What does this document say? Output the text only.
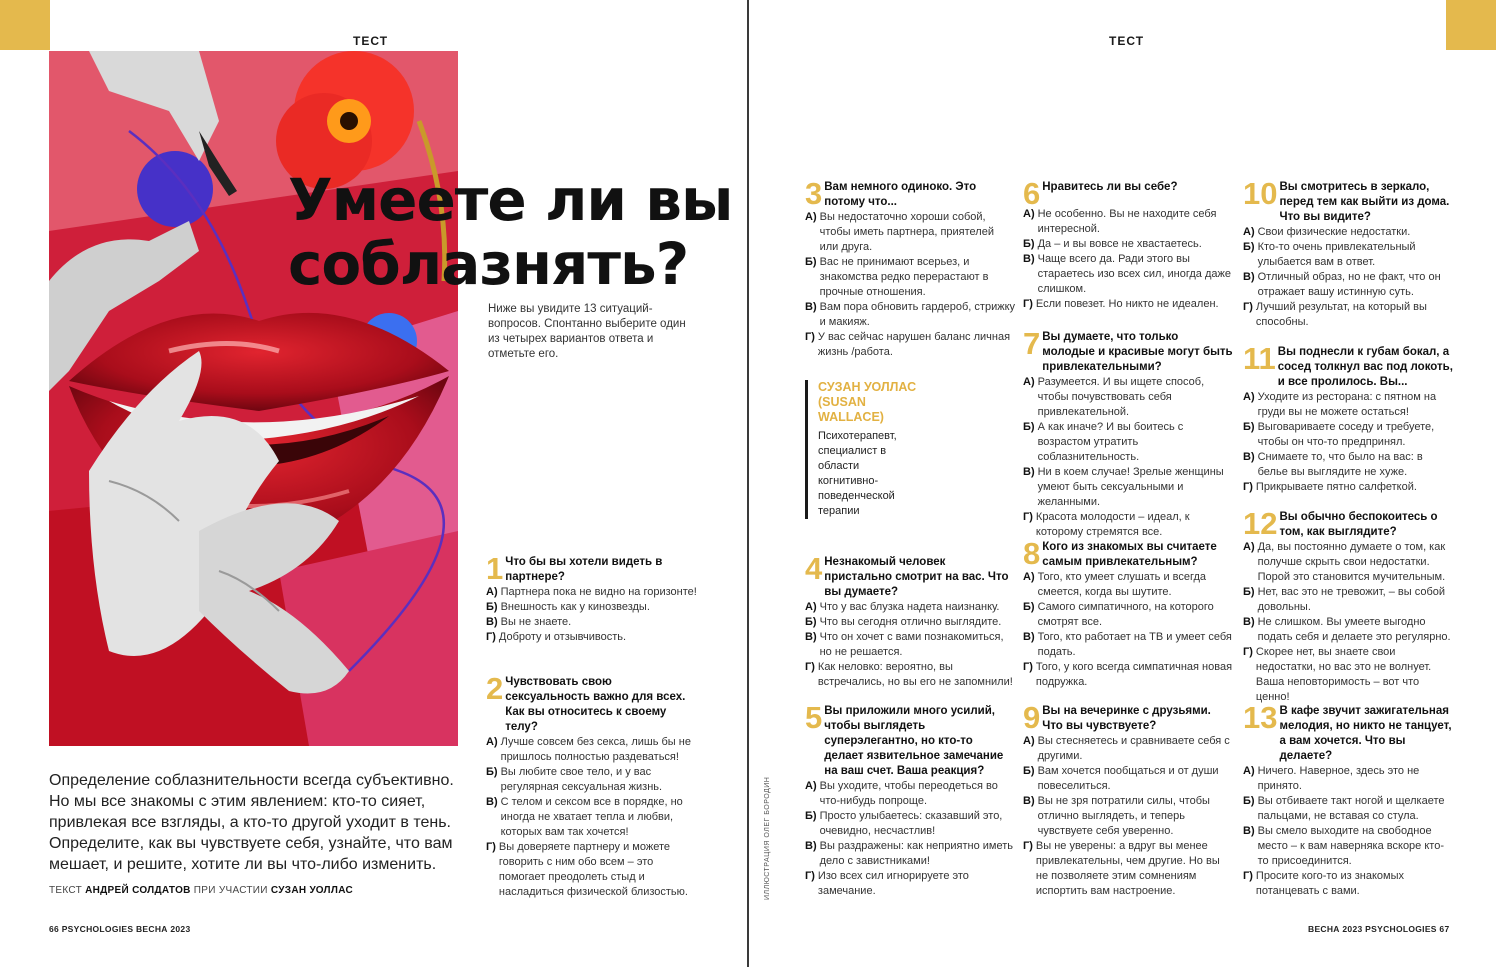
ТЕСТ	ТЕСТ
Умеете ли вы
соблазнять?
Ниже вы увидите 13 ситуаций-вопросов. Спонтанно выберите один из четырех вариантов ответа и отметьте его.
Определение соблазнительности всегда субъективно. Но мы все знакомы с этим явлением: кто-то сияет, привлекая все взгляды, а кто-то другой уходит в тень. Определите, как вы чувствуете себя, узнайте, что вам мешает, и решите, хотите ли вы что-либо изменить.
ТЕКСТ АНДРЕЙ СОЛДАТОВ ПРИ УЧАСТИИ СУЗАН УОЛЛАС
66 PSYCHOLOGIES ВЕСНА 2023	ВЕСНА 2023 PSYCHOLOGIES 67
ИЛЛЮСТРАЦИЯ ОЛЕГ БОРОДИН
СУЗАН УОЛЛАС (SUSAN WALLACE)
Психотерапевт, специалист в области когнитивно-поведенческой терапии
1 Что бы вы хотели видеть в партнере?
А) Партнера пока не видно на горизонте!
Б) Внешность как у кинозвезды.
В) Вы не знаете.
Г) Доброту и отзывчивость.
2 Чувствовать свою сексуальность важно для всех. Как вы относитесь к своему телу?
А) Лучше совсем без секса, лишь бы не пришлось полностью раздеваться!
Б) Вы любите свое тело, и у вас регулярная сексуальная жизнь.
В) С телом и сексом все в порядке, но иногда не хватает тепла и любви, которых вам так хочется!
Г) Вы доверяете партнеру и можете говорить с ним обо всем – это помогает преодолеть стыд и насладиться физической близостью.
3 Вам немного одиноко. Это потому что...
А) Вы недостаточно хороши собой, чтобы иметь партнера, приятелей или друга.
Б) Вас не принимают всерьез, и знакомства редко перерастают в прочные отношения.
В) Вам пора обновить гардероб, стрижку и макияж.
Г) У вас сейчас нарушен баланс личная жизнь /работа.
4 Незнакомый человек пристально смотрит на вас. Что вы думаете?
А) Что у вас блузка надета наизнанку.
Б) Что вы сегодня отлично выглядите.
В) Что он хочет с вами познакомиться, но не решается.
Г) Как неловко: вероятно, вы встречались, но вы его не запомнили!
5 Вы приложили много усилий, чтобы выглядеть суперэлегантно, но кто-то делает язвительное замечание на ваш счет. Ваша реакция?
А) Вы уходите, чтобы переодеться во что-нибудь попроще.
Б) Просто улыбаетесь: сказавший это, очевидно, несчастлив!
В) Вы раздражены: как неприятно иметь дело с завистниками!
Г) Изо всех сил игнорируете это замечание.
6 Нравитесь ли вы себе?
А) Не особенно. Вы не находите себя интересной.
Б) Да – и вы вовсе не хвастаетесь.
В) Чаще всего да. Ради этого вы стараетесь изо всех сил, иногда даже слишком.
Г) Если повезет. Но никто не идеален.
7 Вы думаете, что только молодые и красивые могут быть привлекательными?
А) Разумеется. И вы ищете способ, чтобы почувствовать себя привлекательной.
Б) А как иначе? И вы боитесь с возрастом утратить соблазнительность.
В) Ни в коем случае! Зрелые женщины умеют быть сексуальными и желанными.
Г) Красота молодости – идеал, к которому стремятся все.
8 Кого из знакомых вы считаете самым привлекательным?
А) Того, кто умеет слушать и всегда смеется, когда вы шутите.
Б) Самого симпатичного, на которого смотрят все.
В) Того, кто работает на ТВ и умеет себя подать.
Г) Того, у кого всегда симпатичная новая подружка.
9 Вы на вечеринке с друзьями. Что вы чувствуете?
А) Вы стесняетесь и сравниваете себя с другими.
Б) Вам хочется пообщаться и от души повеселиться.
В) Вы не зря потратили силы, чтобы отлично выглядеть, и теперь чувствуете себя уверенно.
Г) Вы не уверены: а вдруг вы менее привлекательны, чем другие. Но вы не позволяете этим сомнениям испортить вам настроение.
10 Вы смотритесь в зеркало, перед тем как выйти из дома. Что вы видите?
А) Свои физические недостатки.
Б) Кто-то очень привлекательный улыбается вам в ответ.
В) Отличный образ, но не факт, что он отражает вашу истинную суть.
Г) Лучший результат, на который вы способны.
11 Вы поднесли к губам бокал, а сосед толкнул вас под локоть, и все пролилось. Вы...
А) Уходите из ресторана: с пятном на груди вы не можете остаться!
Б) Выговариваете соседу и требуете, чтобы он что-то предпринял.
В) Снимаете то, что было на вас: в белье вы выглядите не хуже.
Г) Прикрываете пятно салфеткой.
12 Вы обычно беспокоитесь о том, как выглядите?
А) Да, вы постоянно думаете о том, как получше скрыть свои недостатки. Порой это становится мучительным.
Б) Нет, вас это не тревожит, – вы собой довольны.
В) Не слишком. Вы умеете выгодно подать себя и делаете это регулярно.
Г) Скорее нет, вы знаете свои недостатки, но вас это не волнует. Ваша неповторимость – вот что ценно!
13 В кафе звучит зажигательная мелодия, но никто не танцует, а вам хочется. Что вы делаете?
А) Ничего. Наверное, здесь это не принято.
Б) Вы отбиваете такт ногой и щелкаете пальцами, не вставая со стула.
В) Вы смело выходите на свободное место – к вам наверняка вскоре кто-то присоединится.
Г) Просите кого-то из знакомых потанцевать с вами.
